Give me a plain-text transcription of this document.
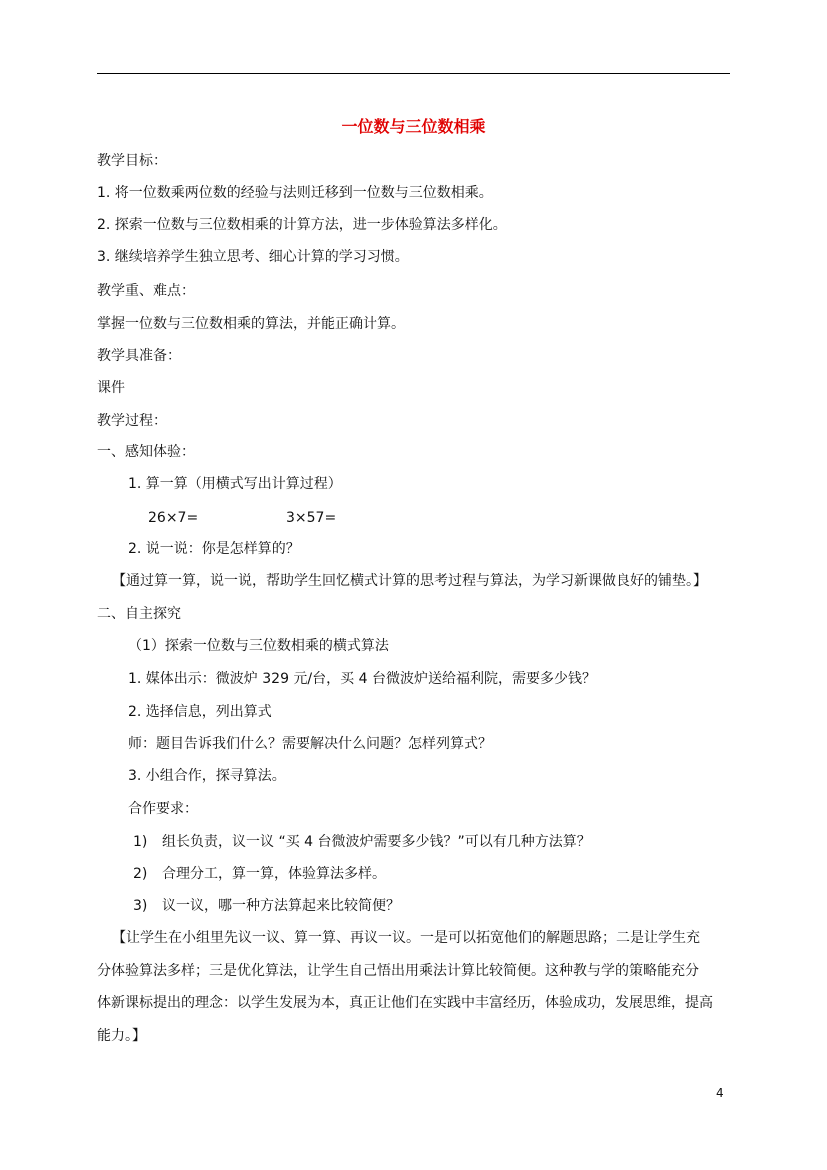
一位数与三位数相乘
教学目标：
1. 将一位数乘两位数的经验与法则迁移到一位数与三位数相乘。
2. 探索一位数与三位数相乘的计算方法，进一步体验算法多样化。
3. 继续培养学生独立思考、细心计算的学习习惯。
教学重、难点：
掌握一位数与三位数相乘的算法，并能正确计算。
教学具准备：
课件
教学过程：
一、感知体验：
1. 算一算（用横式写出计算过程）
26×7=	3×57=
2. 说一说：你是怎样算的？
【通过算一算，说一说，帮助学生回忆横式计算的思考过程与算法，为学习新课做良好的铺垫。】
二、自主探究
（1）探索一位数与三位数相乘的横式算法
1. 媒体出示：微波炉 329 元/台，买 4 台微波炉送给福利院，需要多少钱？
2. 选择信息，列出算式
师：题目告诉我们什么？需要解决什么问题？怎样列算式？
3. 小组合作，探寻算法。
合作要求：
1) 组长负责，议一议 “买 4 台微波炉需要多少钱？”可以有几种方法算？
2) 合理分工，算一算，体验算法多样。
3) 议一议，哪一种方法算起来比较简便？
【让学生在小组里先议一议、算一算、再议一议。一是可以拓宽他们的解题思路；二是让学生充
分体验算法多样；三是优化算法，让学生自己悟出用乘法计算比较简便。这种教与学的策略能充分
体新课标提出的理念：以学生发展为本，真正让他们在实践中丰富经历，体验成功，发展思维，提高
能力。】
4
